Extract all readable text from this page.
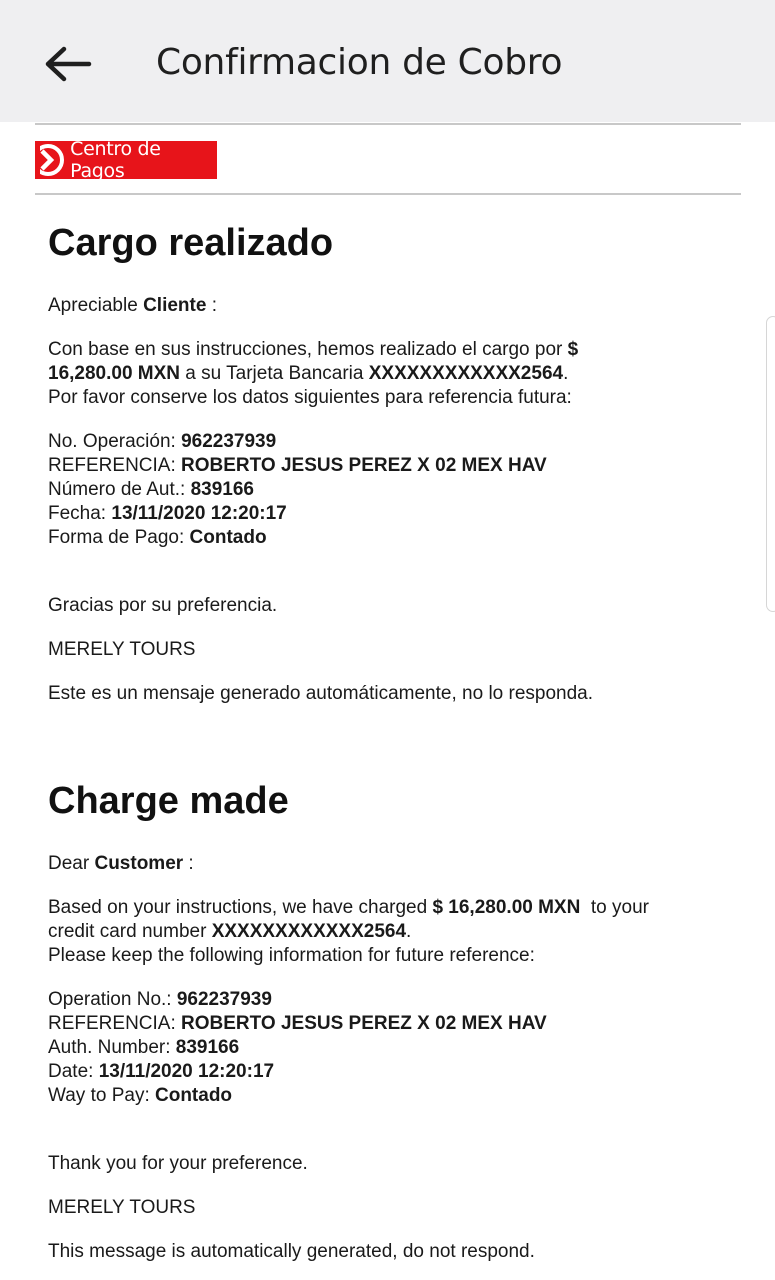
Confirmacion de Cobro
Centro de Pagos
Cargo realizado

Apreciable Cliente :

Con base en sus instrucciones, hemos realizado el cargo por $
16,280.00 MXN a su Tarjeta Bancaria XXXXXXXXXXXX2564.
Por favor conserve los datos siguientes para referencia futura:

No. Operación: 962237939
REFERENCIA: ROBERTO JESUS PEREZ X 02 MEX HAV
Número de Aut.: 839166
Fecha: 13/11/2020 12:20:17
Forma de Pago: Contado

Gracias por su preferencia.

MERELY TOURS

Este es un mensaje generado automáticamente, no lo responda.

Charge made

Dear Customer :

Based on your instructions, we have charged $ 16,280.00 MXN  to your
credit card number XXXXXXXXXXXX2564.
Please keep the following information for future reference:

Operation No.: 962237939
REFERENCIA: ROBERTO JESUS PEREZ X 02 MEX HAV
Auth. Number: 839166
Date: 13/11/2020 12:20:17
Way to Pay: Contado

Thank you for your preference.

MERELY TOURS

This message is automatically generated, do not respond.
